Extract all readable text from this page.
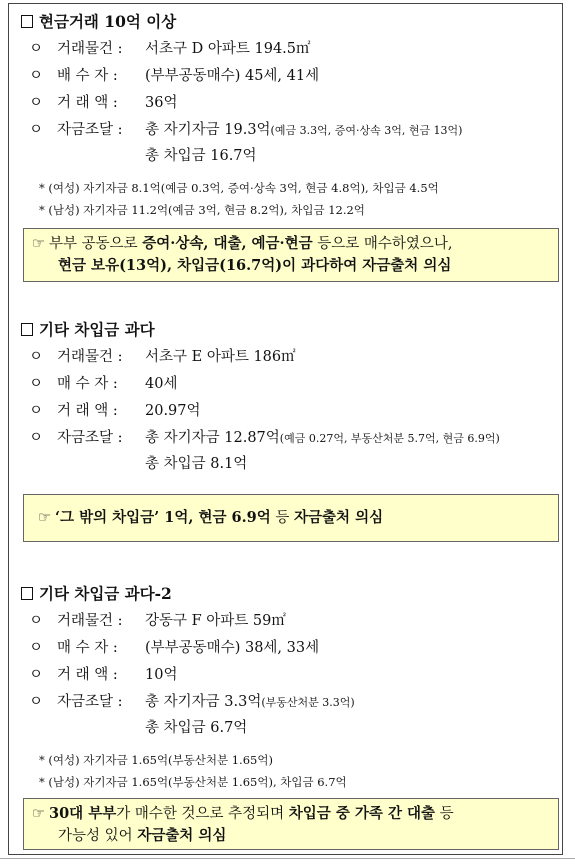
현금거래 10억 이상
ㅇ 거래물건 : 서초구 D 아파트 194.5㎡
ㅇ 배 수 자 : (부부공동매수) 45세, 41세
ㅇ 거 래 액 : 36억
ㅇ 자금조달 : 총 자기자금 19.3억(예금 3.3억, 증여·상속 3억, 현금 13억)
총 차입금 16.7억
* (여성) 자기자금 8.1억(예금 0.3억, 증여·상속 3억, 현금 4.8억), 차입금 4.5억
* (남성) 자기자금 11.2억(예금 3억, 현금 8.2억), 차입금 12.2억
☞ 부부 공동으로 증여·상속, 대출, 예금·현금 등으로 매수하였으나,
현금 보유(13억), 차입금(16.7억)이 과다하여 자금출처 의심
기타 차입금 과다
ㅇ 거래물건 : 서초구 E 아파트 186㎡
ㅇ 매 수 자 : 40세
ㅇ 거 래 액 : 20.97억
ㅇ 자금조달 : 총 자기자금 12.87억(예금 0.27억, 부동산처분 5.7억, 현금 6.9억)
총 차입금 8.1억
☞ ‘그 밖의 차입금’ 1억, 현금 6.9억 등 자금출처 의심
기타 차입금 과다-2
ㅇ 거래물건 : 강동구 F 아파트 59㎡
ㅇ 매 수 자 : (부부공동매수) 38세, 33세
ㅇ 거 래 액 : 10억
ㅇ 자금조달 : 총 자기자금 3.3억(부동산처분 3.3억)
총 차입금 6.7억
* (여성) 자기자금 1.65억(부동산처분 1.65억)
* (남성) 자기자금 1.65억(부동산처분 1.65억), 차입금 6.7억
☞ 30대 부부가 매수한 것으로 추정되며 차입금 중 가족 간 대출 등
가능성 있어 자금출처 의심
